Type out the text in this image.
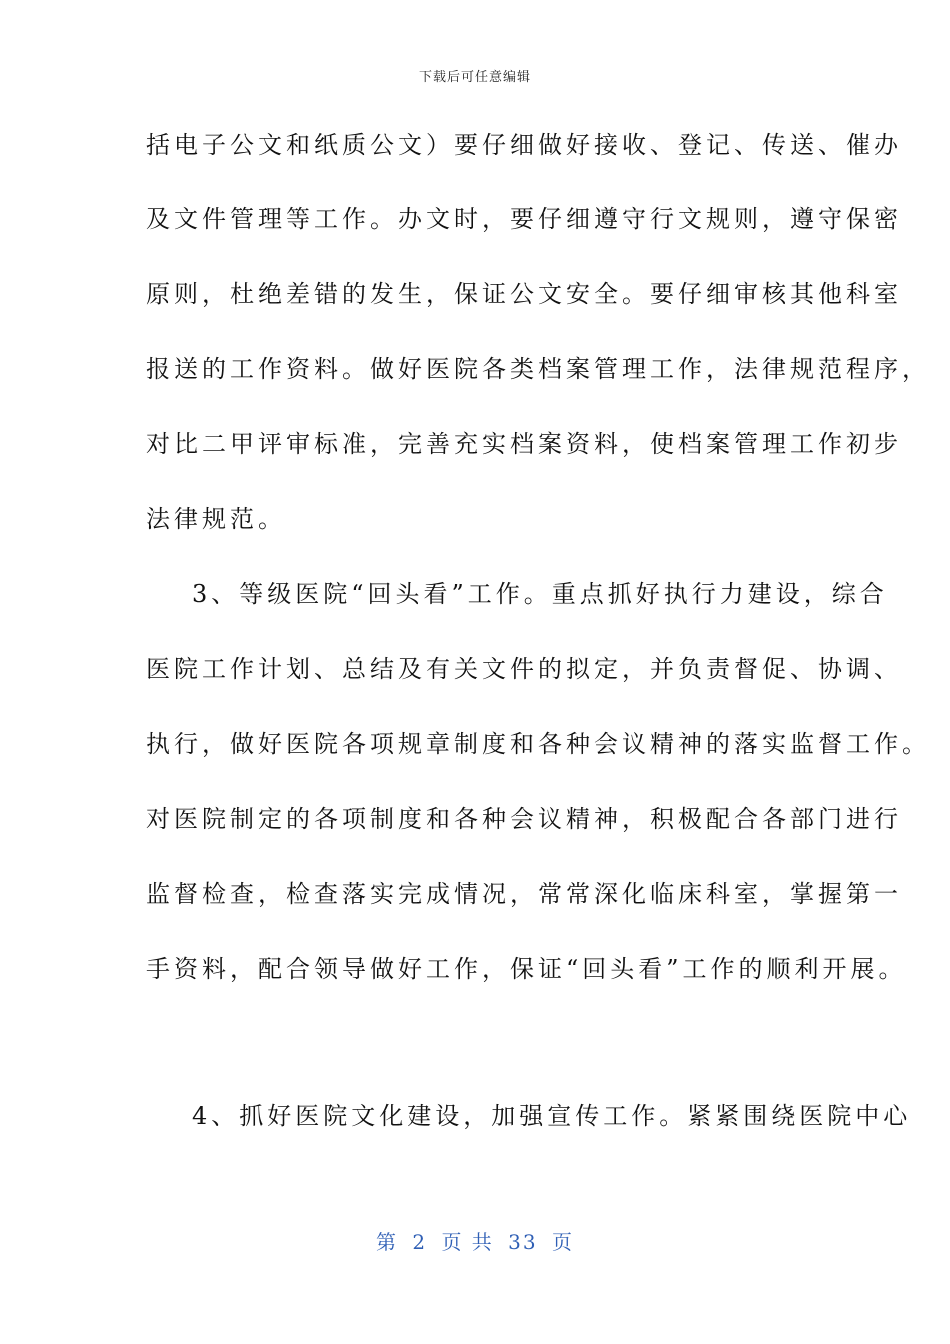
下载后可任意编辑
括电子公文和纸质公文）要仔细做好接收、登记、传送、催办
及文件管理等工作。办文时，要仔细遵守行文规则，遵守保密
原则，杜绝差错的发生，保证公文安全。要仔细审核其他科室
报送的工作资料。做好医院各类档案管理工作，法律规范程序，
对比二甲评审标准，完善充实档案资料，使档案管理工作初步
法律规范。
3、等级医院“回头看”工作。重点抓好执行力建设，综合
医院工作计划、总结及有关文件的拟定，并负责督促、协调、
执行，做好医院各项规章制度和各种会议精神的落实监督工作。
对医院制定的各项制度和各种会议精神，积极配合各部门进行
监督检查，检查落实完成情况，常常深化临床科室，掌握第一
手资料，配合领导做好工作，保证“回头看”工作的顺利开展。
4、抓好医院文化建设，加强宣传工作。紧紧围绕医院中心
第 2 页 共 33 页
